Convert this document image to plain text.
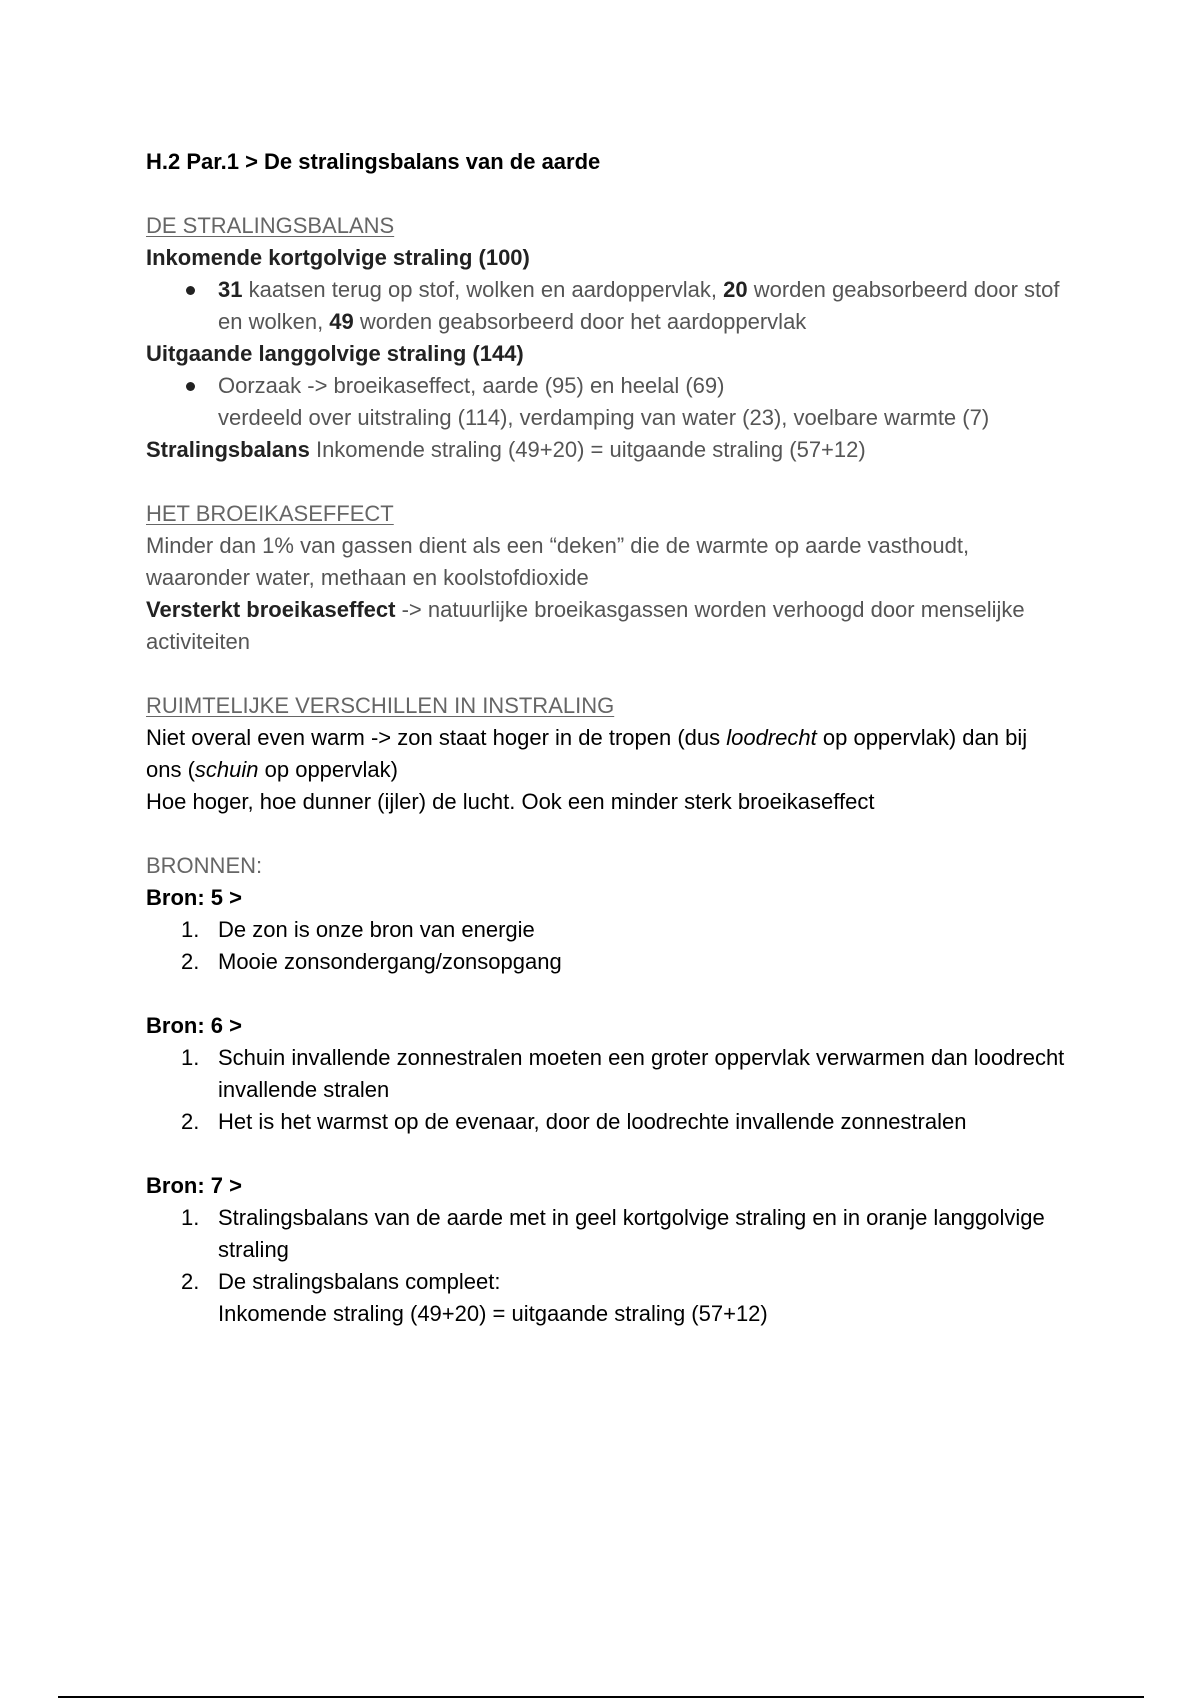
H.2 Par.1 > De stralingsbalans van de aarde
DE STRALINGSBALANS
Inkomende kortgolvige straling (100)
31 kaatsen terug op stof, wolken en aardoppervlak, 20 worden geabsorbeerd door stof en wolken, 49 worden geabsorbeerd door het aardoppervlak
Uitgaande langgolvige straling (144)
Oorzaak -> broeikaseffect, aarde (95) en heelal (69)
verdeeld over uitstraling (114), verdamping van water (23), voelbare warmte (7)
Stralingsbalans Inkomende straling (49+20) = uitgaande straling (57+12)
HET BROEIKASEFFECT
Minder dan 1% van gassen dient als een “deken” die de warmte op aarde vasthoudt, waaronder water, methaan en koolstofdioxide
Versterkt broeikaseffect -> natuurlijke broeikasgassen worden verhoogd door menselijke activiteiten
RUIMTELIJKE VERSCHILLEN IN INSTRALING
Niet overal even warm -> zon staat hoger in de tropen (dus loodrecht op oppervlak) dan bij ons (schuin op oppervlak)
Hoe hoger, hoe dunner (ijler) de lucht. Ook een minder sterk broeikaseffect
BRONNEN:
Bron: 5 >
1. De zon is onze bron van energie
2. Mooie zonsondergang/zonsopgang
Bron: 6 >
1. Schuin invallende zonnestralen moeten een groter oppervlak verwarmen dan loodrecht invallende stralen
2. Het is het warmst op de evenaar, door de loodrechte invallende zonnestralen
Bron: 7 >
1. Stralingsbalans van de aarde met in geel kortgolvige straling en in oranje langgolvige straling
2. De stralingsbalans compleet:
Inkomende straling (49+20) = uitgaande straling (57+12)
